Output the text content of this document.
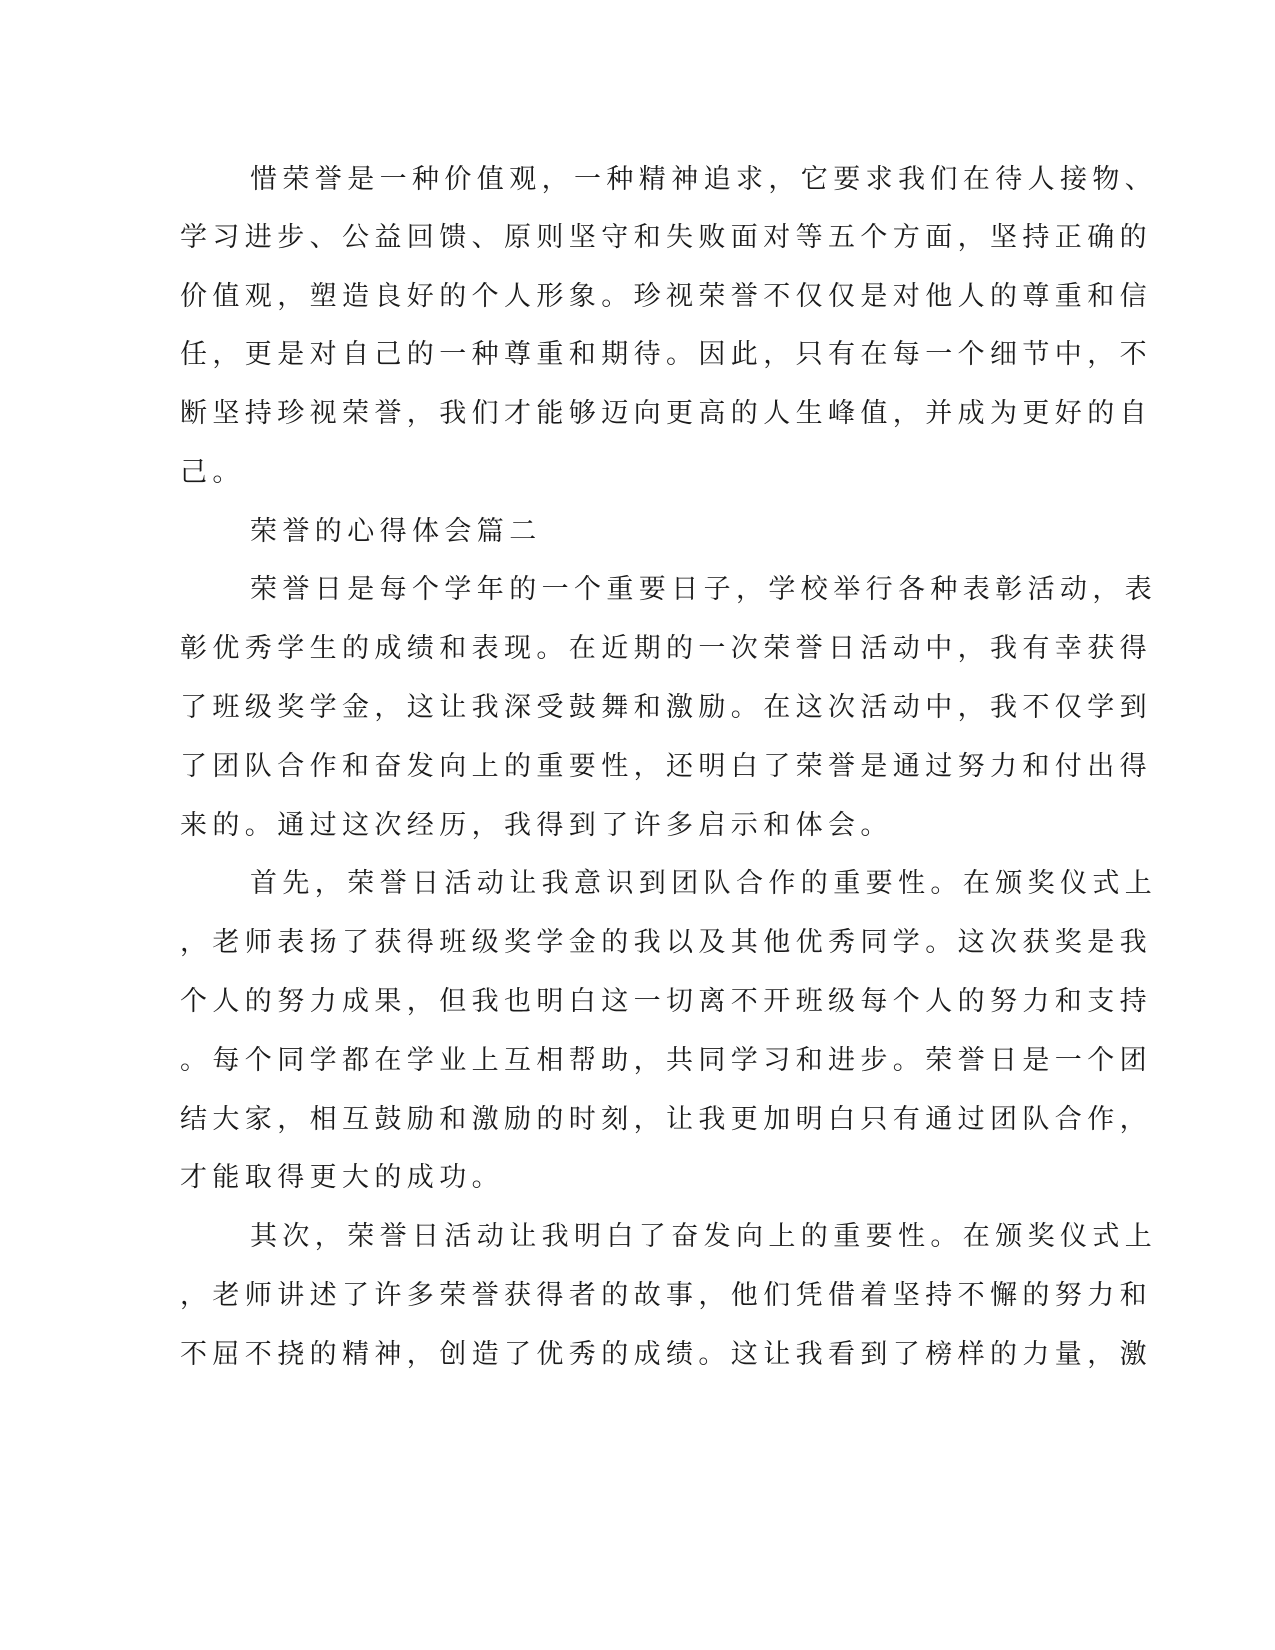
惜荣誉是一种价值观，一种精神追求，它要求我们在待人接物、

学习进步、公益回馈、原则坚守和失败面对等五个方面，坚持正确的

价值观，塑造良好的个人形象。珍视荣誉不仅仅是对他人的尊重和信

任，更是对自己的一种尊重和期待。因此，只有在每一个细节中，不

断坚持珍视荣誉，我们才能够迈向更高的人生峰值，并成为更好的自

己。

荣誉的心得体会篇二

荣誉日是每个学年的一个重要日子，学校举行各种表彰活动，表

彰优秀学生的成绩和表现。在近期的一次荣誉日活动中，我有幸获得

了班级奖学金，这让我深受鼓舞和激励。在这次活动中，我不仅学到

了团队合作和奋发向上的重要性，还明白了荣誉是通过努力和付出得

来的。通过这次经历，我得到了许多启示和体会。

首先，荣誉日活动让我意识到团队合作的重要性。在颁奖仪式上

，老师表扬了获得班级奖学金的我以及其他优秀同学。这次获奖是我

个人的努力成果，但我也明白这一切离不开班级每个人的努力和支持

。每个同学都在学业上互相帮助，共同学习和进步。荣誉日是一个团

结大家，相互鼓励和激励的时刻，让我更加明白只有通过团队合作，

才能取得更大的成功。

其次，荣誉日活动让我明白了奋发向上的重要性。在颁奖仪式上

，老师讲述了许多荣誉获得者的故事，他们凭借着坚持不懈的努力和

不屈不挠的精神，创造了优秀的成绩。这让我看到了榜样的力量，激
